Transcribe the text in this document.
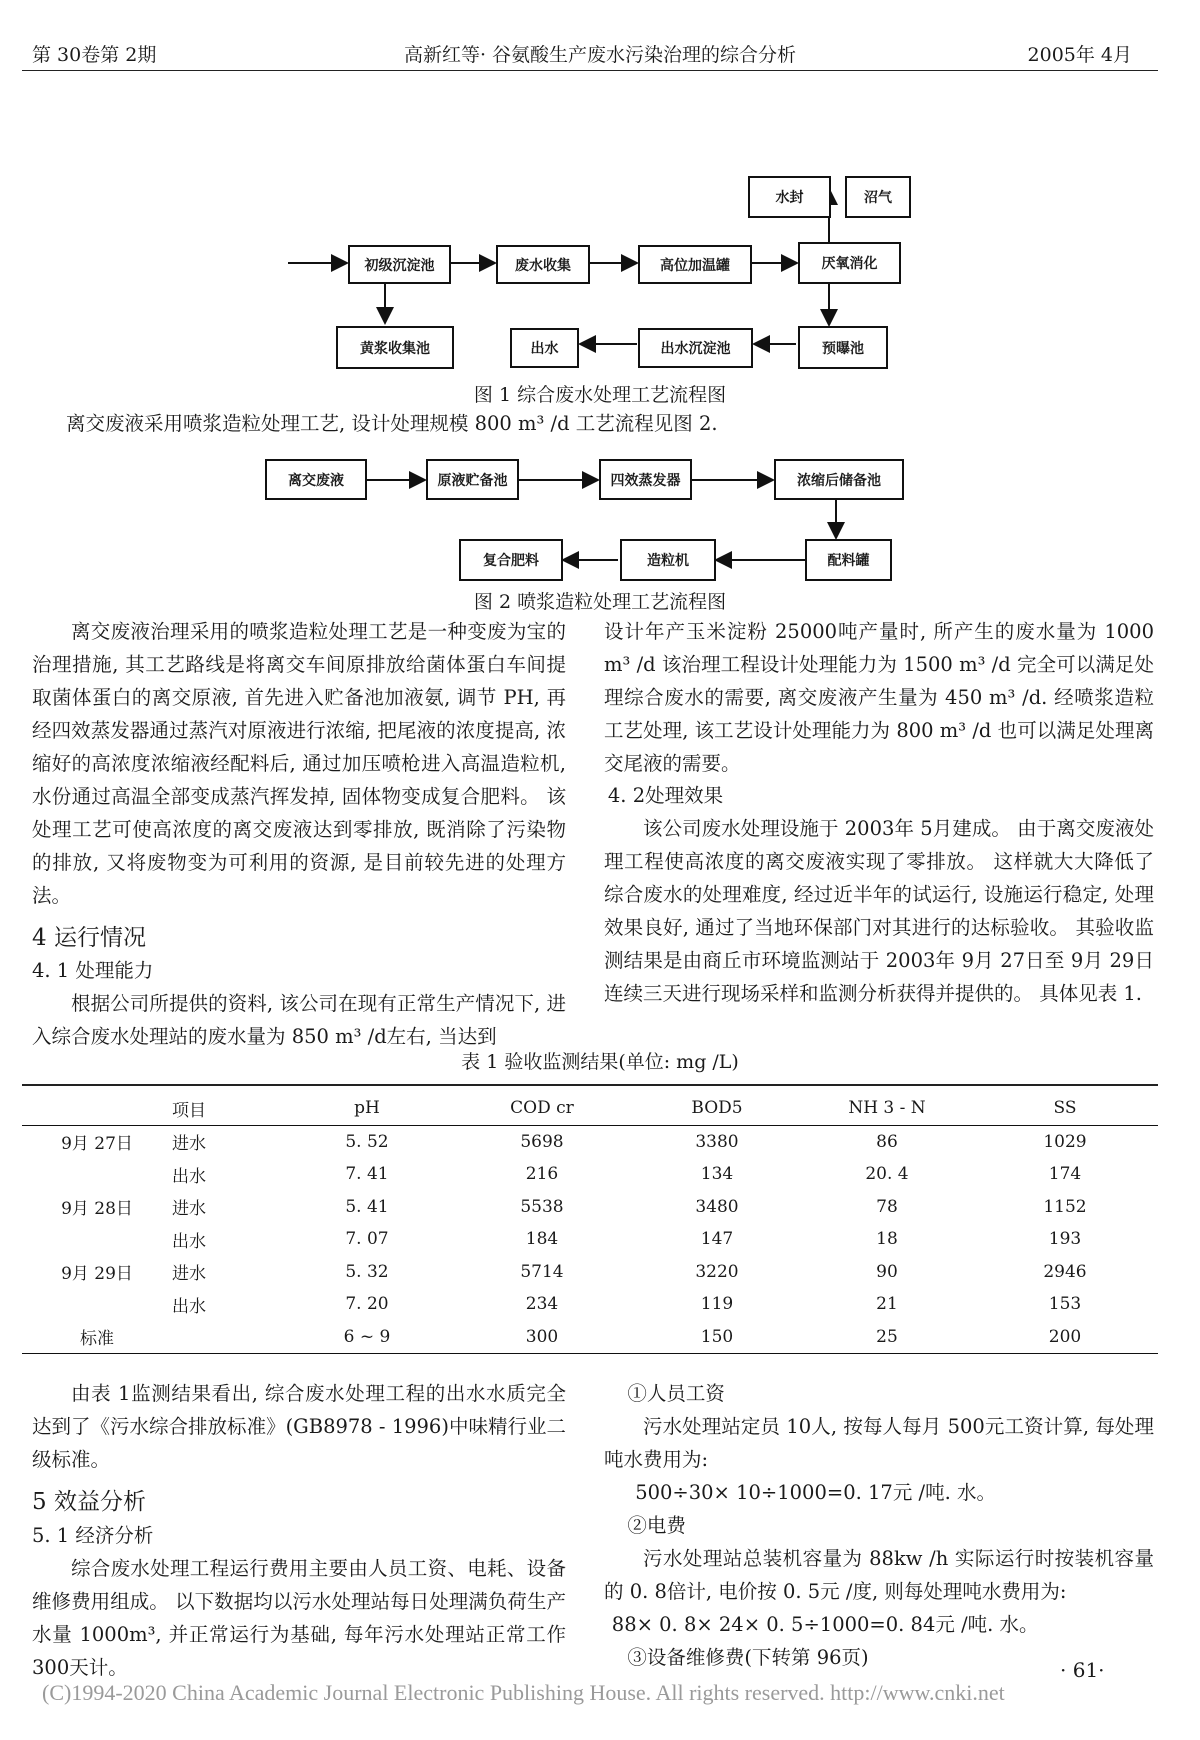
第 30卷第 2期	高新红等· 谷氨酸生产废水污染治理的综合分析	2005年 4月
初级沉淀池	废水收集	高位加温罐	厌氧消化
水封	沼气
黄浆收集池	出水	出水沉淀池	预曝池
图 1 综合废水处理工艺流程图
离交废液采用喷浆造粒处理工艺, 设计处理规模 800 m³ /d 工艺流程见图 2.
离交废液	原液贮备池	四效蒸发器	浓缩后储备池
配料罐
造粒机
复合肥料
图 2 喷浆造粒处理工艺流程图

离交废液治理采用的喷浆造粒处理工艺是一种变废为宝的治理措施, 其工艺路线是将离交车间原排放给菌体蛋白车间提取菌体蛋白的离交原液, 首先进入贮备池加液氨, 调节 PH, 再经四效蒸发器通过蒸汽对原液进行浓缩, 把尾液的浓度提高, 浓缩好的高浓度浓缩液经配料后, 通过加压喷枪进入高温造粒机, 水份通过高温全部变成蒸汽挥发掉, 固体物变成复合肥料。 该处理工艺可使高浓度的离交废液达到零排放, 既消除了污染物的排放, 又将废物变为可利用的资源, 是目前较先进的处理方法。

4 运行情况
4. 1 处理能力

根据公司所提供的资料, 该公司在现有正常生产情况下, 进入综合废水处理站的废水量为 850 m³ /d左右, 当达到

设计年产玉米淀粉 25000吨产量时, 所产生的废水量为 1000 m³ /d 该治理工程设计处理能力为 1500 m³ /d 完全可以满足处理综合废水的需要, 离交废液产生量为 450 m³ /d. 经喷浆造粒工艺处理, 该工艺设计处理能力为 800 m³ /d 也可以满足处理离交尾液的需要。

4. 2处理效果

该公司废水处理设施于 2003年 5月建成。 由于离交废液处理工程使高浓度的离交废液实现了零排放。 这样就大大降低了综合废水的处理难度, 经过近半年的试运行, 设施运行稳定, 处理效果良好, 通过了当地环保部门对其进行的达标验收。 其验收监测结果是由商丘市环境监测站于 2003年 9月 27日至 9月 29日连续三天进行现场采样和监测分析获得并提供的。 具体见表 1.

表 1 验收监测结果(单位: mg /L)
	项目	pH	COD cr	BOD5	NH 3 - N	SS
9月 27日	进水	5. 52	5698	3380	86	1029
	出水	7. 41	216	134	20. 4	174
9月 28日	进水	5. 41	5538	3480	78	1152
	出水	7. 07	184	147	18	193
9月 29日	进水	5. 32	5714	3220	90	2946
	出水	7. 20	234	119	21	153
标准		6 ~ 9	300	150	25	200

由表 1监测结果看出, 综合废水处理工程的出水水质完全达到了《污水综合排放标准》(GB8978 - 1996)中味精行业二级标准。

5 效益分析
5. 1 经济分析

综合废水处理工程运行费用主要由人员工资、电耗、设备维修费用组成。 以下数据均以污水处理站每日处理满负荷生产水量 1000m³, 并正常运行为基础, 每年污水处理站正常工作 300天计。

①人员工资

污水处理站定员 10人, 按每人每月 500元工资计算, 每处理吨水费用为:

500÷30× 10÷1000=0. 17元 /吨. 水。
②电费

污水处理站总装机容量为 88kw /h 实际运行时按装机容量的 0. 8倍计, 电价按 0. 5元 /度, 则每处理吨水费用为:

88× 0. 8× 24× 0. 5÷1000=0. 84元 /吨. 水。
③设备维修费(下转第 96页)
· 61·
(C)1994-2020 China Academic Journal Electronic Publishing House. All rights reserved. http://www.cnki.net
